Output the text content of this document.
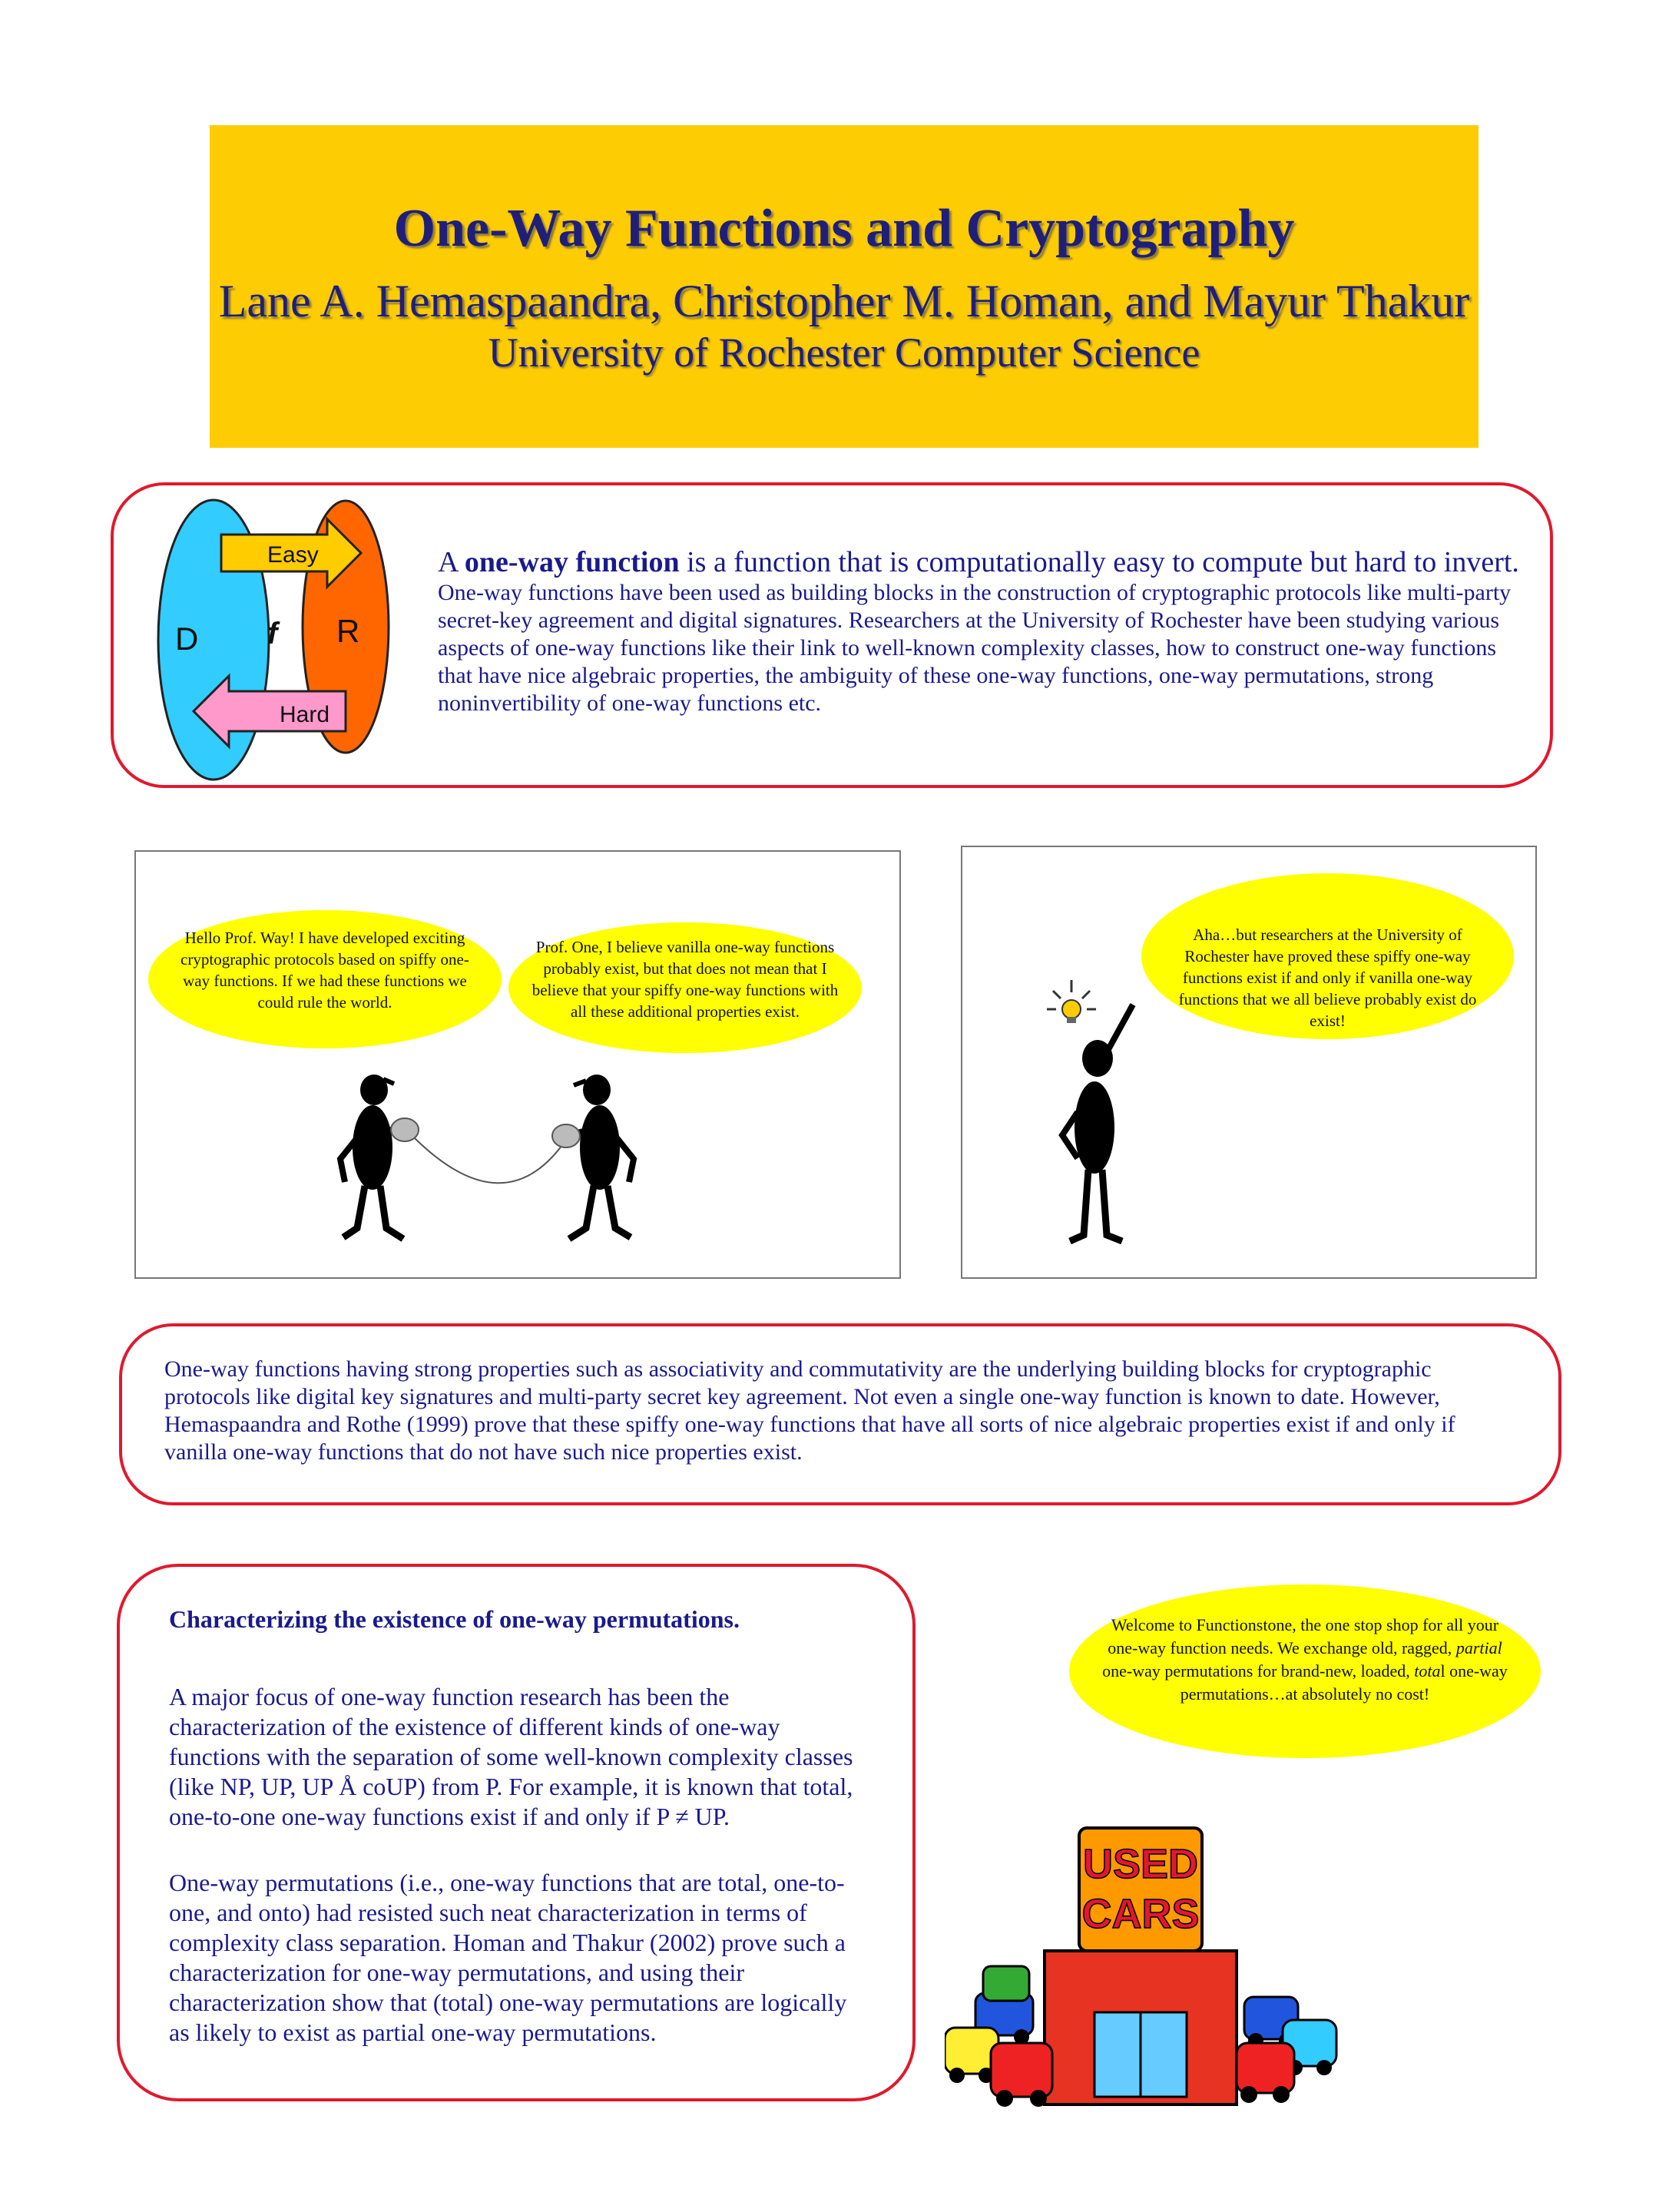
One-Way Functions and Cryptography
Lane A. Hemaspaandra, Christopher M. Homan, and Mayur Thakur
University of Rochester Computer Science
Easy
Hard
D	R
f
A one-way function is a function that is computationally easy to compute but hard to invert. One-way functions have been used as building blocks in the construction of cryptographic protocols like multi-party secret-key agreement and digital signatures. Researchers at the University of Rochester have been studying various aspects of one-way functions like their link to well-known complexity classes, how to construct one-way functions that have nice algebraic properties, the ambiguity of these one-way functions, one-way permutations, strong noninvertibility of one-way functions etc.
Hello Prof. Way! I have developed exciting cryptographic protocols based on spiffy one-way functions. If we had these functions we could rule the world.
Prof. One, I believe vanilla one-way functions probably exist, but that does not mean that I believe that your spiffy one-way functions with all these additional properties exist.
Aha…but researchers at the University of Rochester have proved these spiffy one-way functions exist if and only if vanilla one-way functions that we all believe probably exist do exist!
One-way functions having strong properties such as associativity and commutativity are the underlying building blocks for cryptographic protocols like digital key signatures and multi-party secret key agreement. Not even a single one-way function is known to date. However, Hemaspaandra and Rothe (1999) prove that these spiffy one-way functions that have all sorts of nice algebraic properties exist if and only if vanilla one-way functions that do not have such nice properties exist.
Characterizing the existence of one-way permutations.
A major focus of one-way function research has been the characterization of the existence of different kinds of one-way functions with the separation of some well-known complexity classes (like NP, UP, UP Å coUP) from P. For example, it is known that total, one-to-one one-way functions exist if and only if P ≠ UP.
One-way permutations (i.e., one-way functions that are total, one-to-one, and onto) had resisted such neat characterization in terms of complexity class separation. Homan and Thakur (2002) prove such a characterization for one-way permutations, and using their characterization show that (total) one-way permutations are logically as likely to exist as partial one-way permutations.
Welcome to Functionstone, the one stop shop for all your one-way function needs. We exchange old, ragged, partial one-way permutations for brand-new, loaded, total one-way permutations…at absolutely no cost!
USED
CARS
